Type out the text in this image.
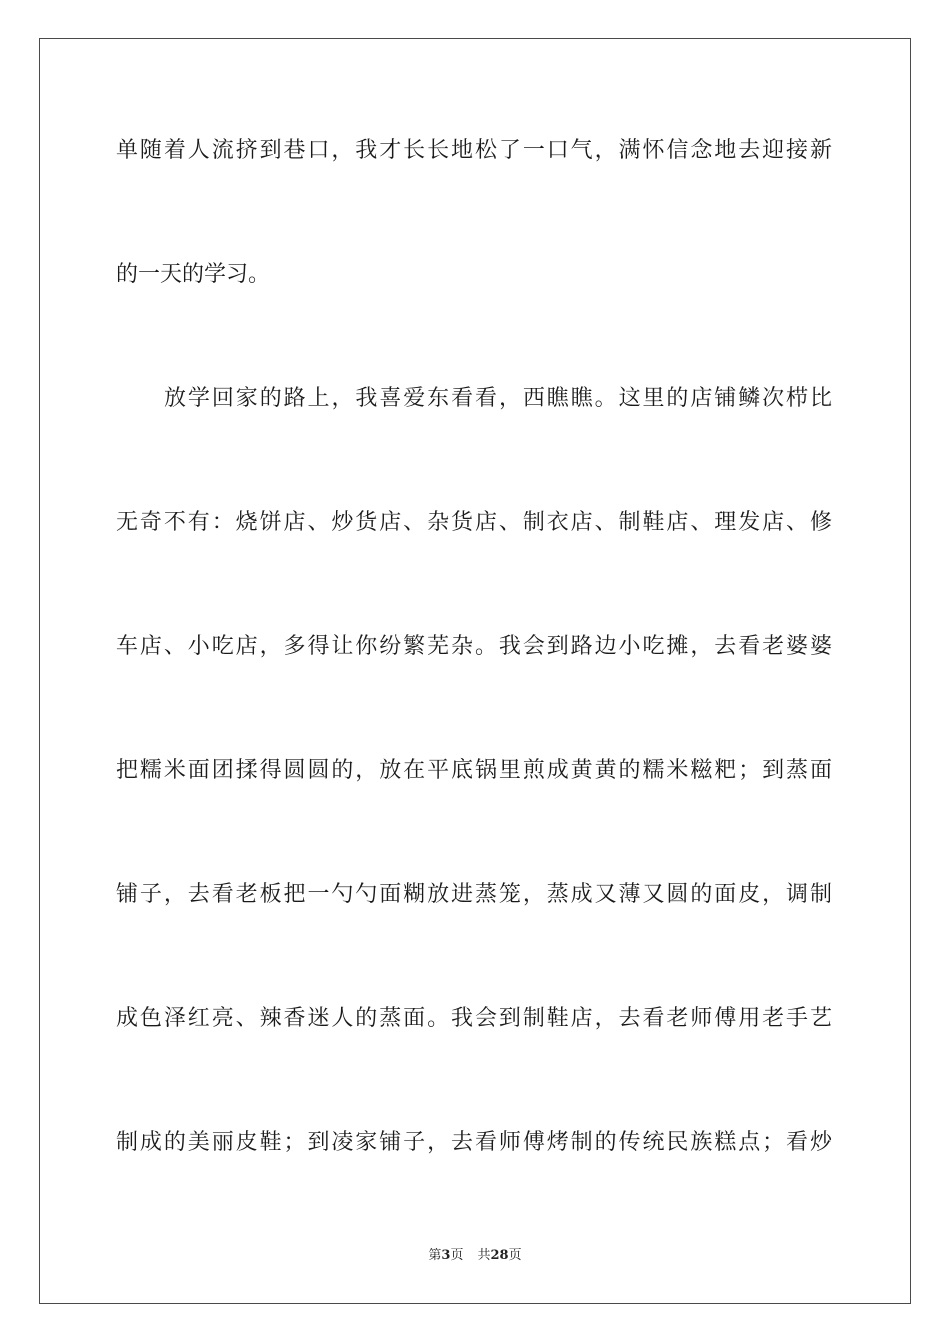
单随着人流挤到巷口，我才长长地松了一口气，满怀信念地去迎接新
的一天的学习。
放学回家的路上，我喜爱东看看，西瞧瞧。这里的店铺鳞次栉比
无奇不有：烧饼店、炒货店、杂货店、制衣店、制鞋店、理发店、修
车店、小吃店，多得让你纷繁芜杂。我会到路边小吃摊，去看老婆婆
把糯米面团揉得圆圆的，放在平底锅里煎成黄黄的糯米糍粑；到蒸面
铺子，去看老板把一勺勺面糊放进蒸笼，蒸成又薄又圆的面皮，调制
成色泽红亮、辣香迷人的蒸面。我会到制鞋店，去看老师傅用老手艺
制成的美丽皮鞋；到凌家铺子，去看师傅烤制的传统民族糕点；看炒
第3页 共28页
